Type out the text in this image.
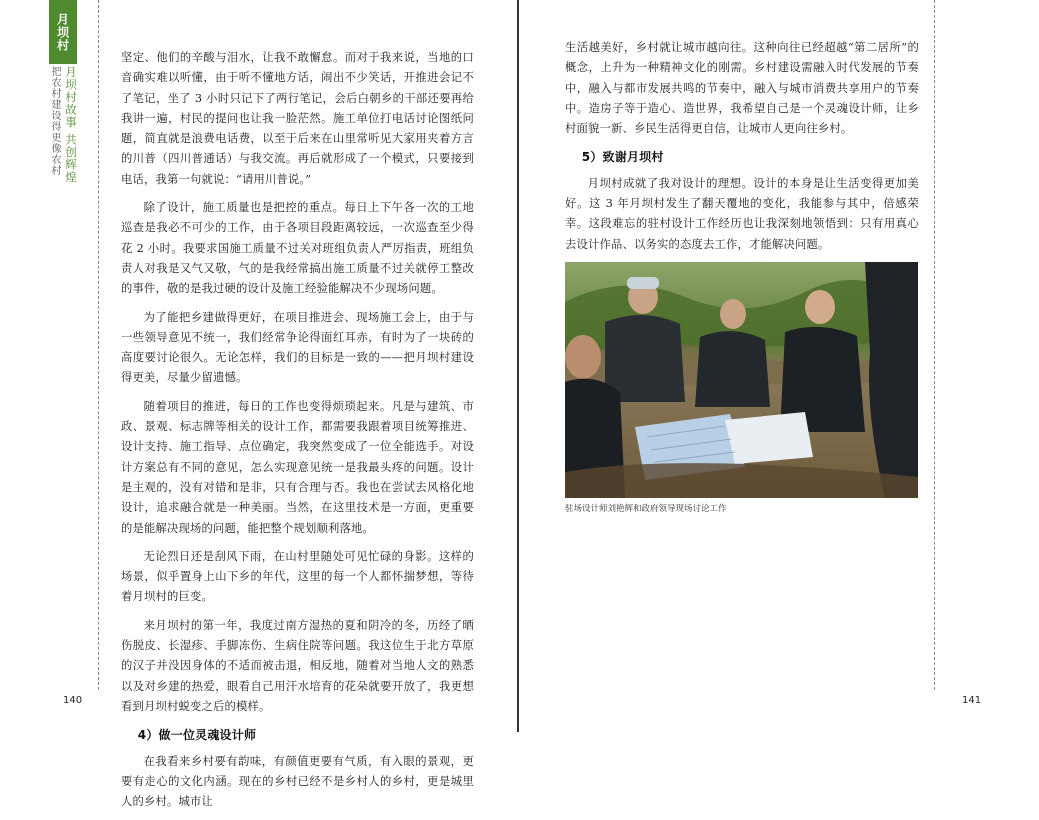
月坝村
月坝村故事 共创辉煌
把农村建设得更像农村

坚定、他们的辛酸与泪水，让我不敢懈怠。而对于我来说，当地的口音确实难以听懂，由于听不懂地方话，闹出不少笑话，开推进会记不了笔记，坐了 3 小时只记下了两行笔记，会后白朝乡的干部还要再给我讲一遍，村民的提问也让我一脸茫然。施工单位打电话讨论图纸问题，简直就是浪费电话费，以至于后来在山里常听见大家用夹着方言的川普（四川普通话）与我交流。再后就形成了一个模式，只要接到电话，我第一句就说：“请用川普说。”

除了设计，施工质量也是把控的重点。每日上下午各一次的工地巡查是我必不可少的工作，由于各项目段距离较远，一次巡查至少得花 2 小时。我要求国施工质量不过关对班组负责人严厉指责，班组负责人对我是又气又敬，气的是我经常搞出施工质量不过关就停工整改的事件，敬的是我过硬的设计及施工经验能解决不少现场问题。

为了能把乡建做得更好，在项目推进会、现场施工会上，由于与一些领导意见不统一，我们经常争论得面红耳赤，有时为了一块砖的高度要讨论很久。无论怎样，我们的目标是一致的——把月坝村建设得更美，尽量少留遗憾。

随着项目的推进，每日的工作也变得烦琐起来。凡是与建筑、市政、景观、标志牌等相关的设计工作，都需要我跟着项目统筹推进、设计支持、施工指导、点位确定，我突然变成了一位全能选手。对设计方案总有不同的意见，怎么实现意见统一是我最头疼的问题。设计是主观的，没有对错和是非，只有合理与否。我也在尝试去风格化地设计，追求融合就是一种美丽。当然，在这里技术是一方面，更重要的是能解决现场的问题，能把整个规划顺利落地。

无论烈日还是刮风下雨，在山村里随处可见忙碌的身影。这样的场景，似乎置身上山下乡的年代，这里的每一个人都怀揣梦想，等待着月坝村的巨变。

来月坝村的第一年，我度过南方湿热的夏和阴冷的冬，历经了晒伤脱皮、长湿疹、手脚冻伤、生病住院等问题。我这位生于北方草原的汉子并没因身体的不适而被击退，相反地，随着对当地人文的熟悉以及对乡建的热爱，眼看自己用汗水培育的花朵就要开放了，我更想看到月坝村蜕变之后的模样。

4）做一位灵魂设计师

在我看来乡村要有韵味，有颜值更要有气质，有入眼的景观，更要有走心的文化内涵。现在的乡村已经不是乡村人的乡村，更是城里人的乡村。城市让

140

生活越美好，乡村就让城市越向往。这种向往已经超越“第二居所”的概念，上升为一种精神文化的刚需。乡村建设需融入时代发展的节奏中，融入与都市发展共鸣的节奏中，融入与城市消费共享用户的节奏中。造房子等于造心、造世界，我希望自己是一个灵魂设计师，让乡村面貌一新、乡民生活得更自信，让城市人更向往乡村。

5）致谢月坝村

月坝村成就了我对设计的理想。设计的本身是让生活变得更加美好。这 3 年月坝村发生了翻天覆地的变化，我能参与其中，倍感荣幸。这段难忘的驻村设计工作经历也让我深刻地领悟到：只有用真心去设计作品、以务实的态度去工作，才能解决问题。

驻场设计师刘艳辉和政府领导现场讨论工作
141
